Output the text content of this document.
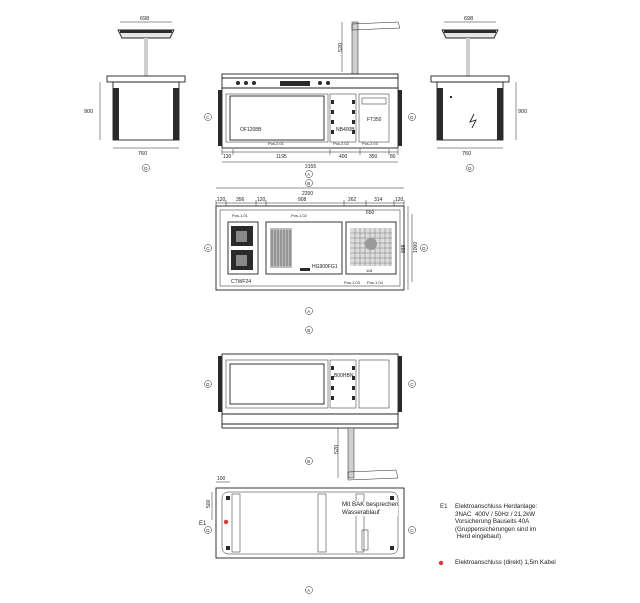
698
900
760
D
520
OF1208B	NB400B
FT350
Pos.2.01	Pos.2.02	Pos.2.03
130	1195	400	350	80
2155
C	D
A
B
2200
698
900
760
D
120 356	120	908	262	314	120
Pos.1.01	Pos.1.02	650
CTWF24
HG900FG1
118
Pos.1.03 Pos.1.04
888 1000
C	D
A
B
B00HBN
520
D	C
B
100
500
E1
D	C
A
Mit BAK besprechen
Wasserablauf
E1 Elektroanschluss Herdanlage:
3NAC  400V / 50Hz / 21,2kW
Vorsicherung Bauseits 40A
(Gruppensicherungen sind im
Herd eingebaut)
Elektroanschluss (direkt) 1,5m Kabel
